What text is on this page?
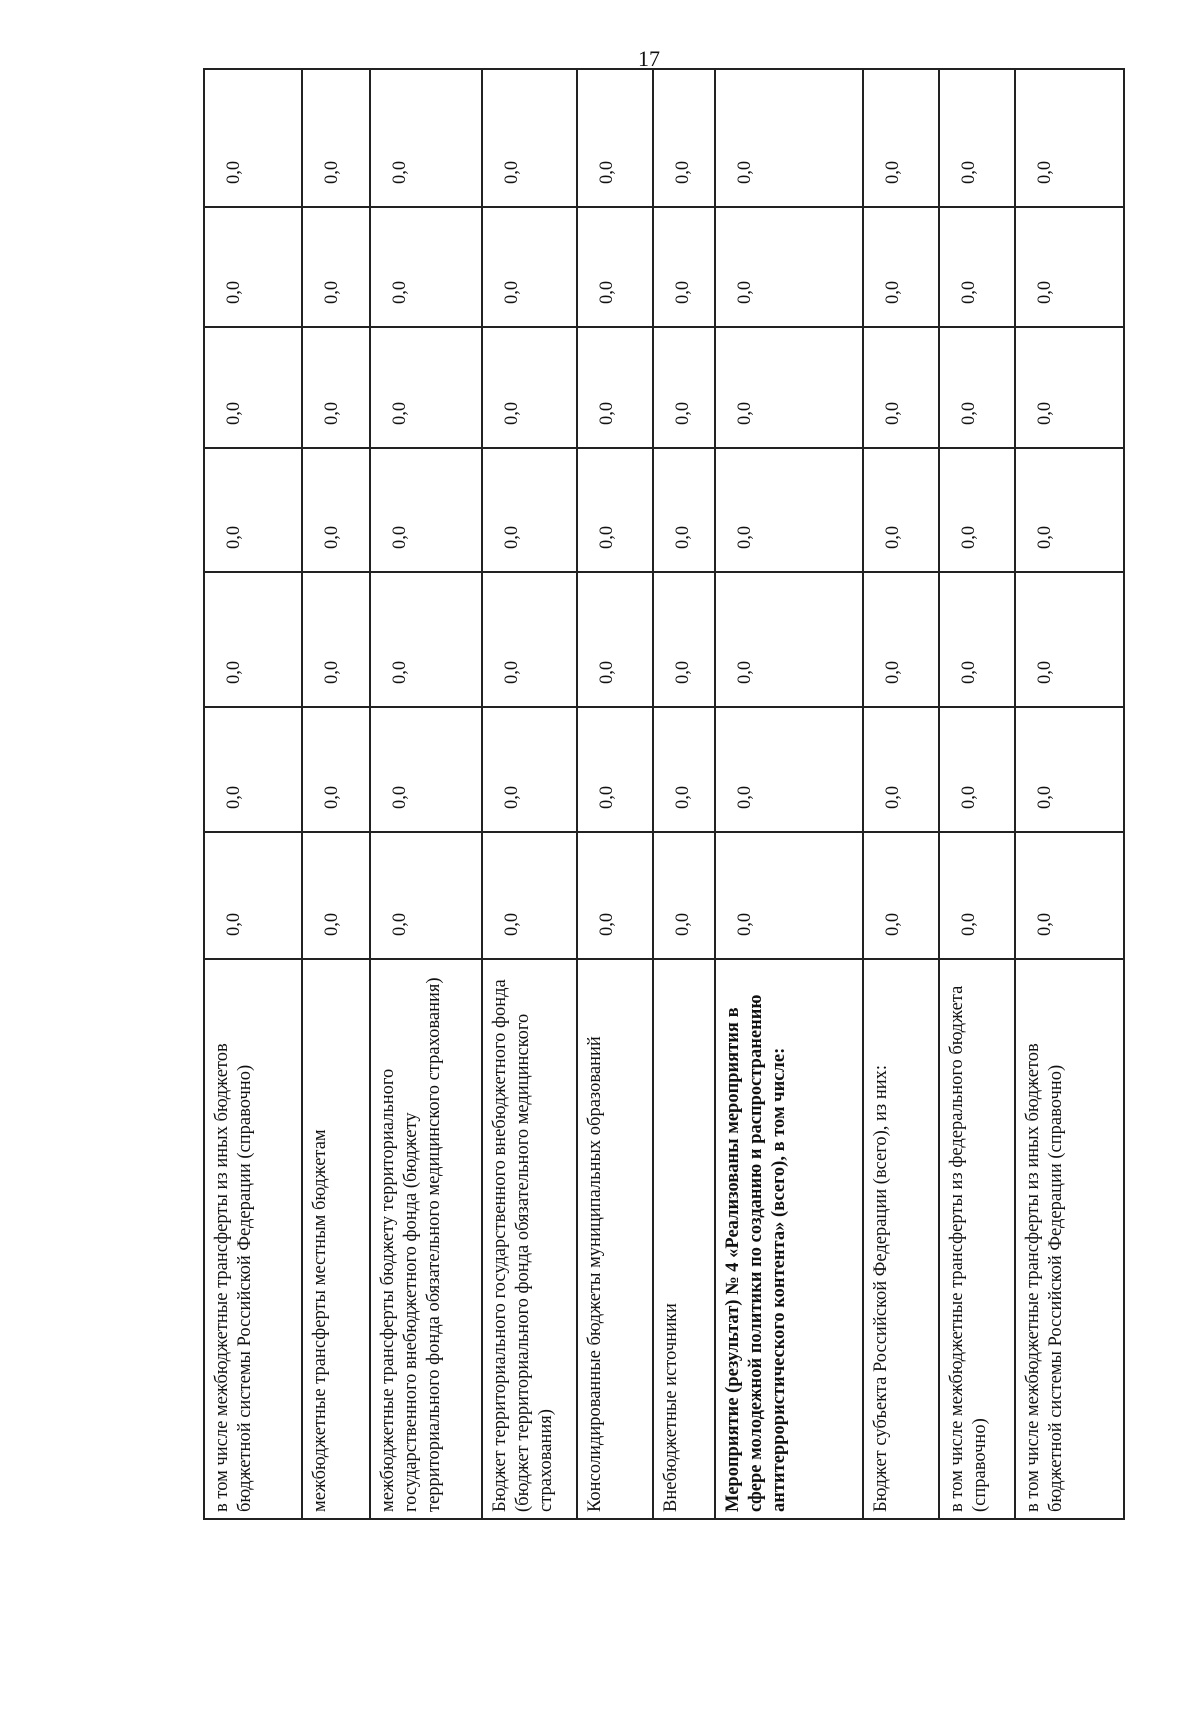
17
в том числе межбюджетные трансферты из иных бюджетов бюджетной системы Российской Федерации (справочно)	0,0	0,0	0,0	0,0	0,0	0,0	0,0
межбюджетные трансферты местным бюджетам	0,0	0,0	0,0	0,0	0,0	0,0	0,0
межбюджетные трансферты бюджету территориального государственного внебюджетного фонда (бюджету территориального фонда обязательного медицинского страхования)	0,0	0,0	0,0	0,0	0,0	0,0	0,0
Бюджет территориального государственного внебюджетного фонда (бюджет территориального фонда обязательного медицинского страхования)	0,0	0,0	0,0	0,0	0,0	0,0	0,0
Консолидированные бюджеты муниципальных образований	0,0	0,0	0,0	0,0	0,0	0,0	0,0
Внебюджетные источники	0,0	0,0	0,0	0,0	0,0	0,0	0,0
Мероприятие (результат) № 4 «Реализованы мероприятия в сфере молодежной политики по созданию и распространению антитеррористического контента» (всего), в том числе:	0,0	0,0	0,0	0,0	0,0	0,0	0,0
Бюджет субъекта Российской Федерации (всего), из них:	0,0	0,0	0,0	0,0	0,0	0,0	0,0
в том числе межбюджетные трансферты из федерального бюджета (справочно)	0,0	0,0	0,0	0,0	0,0	0,0	0,0
в том числе межбюджетные трансферты из иных бюджетов бюджетной системы Российской Федерации (справочно)	0,0	0,0	0,0	0,0	0,0	0,0	0,0
